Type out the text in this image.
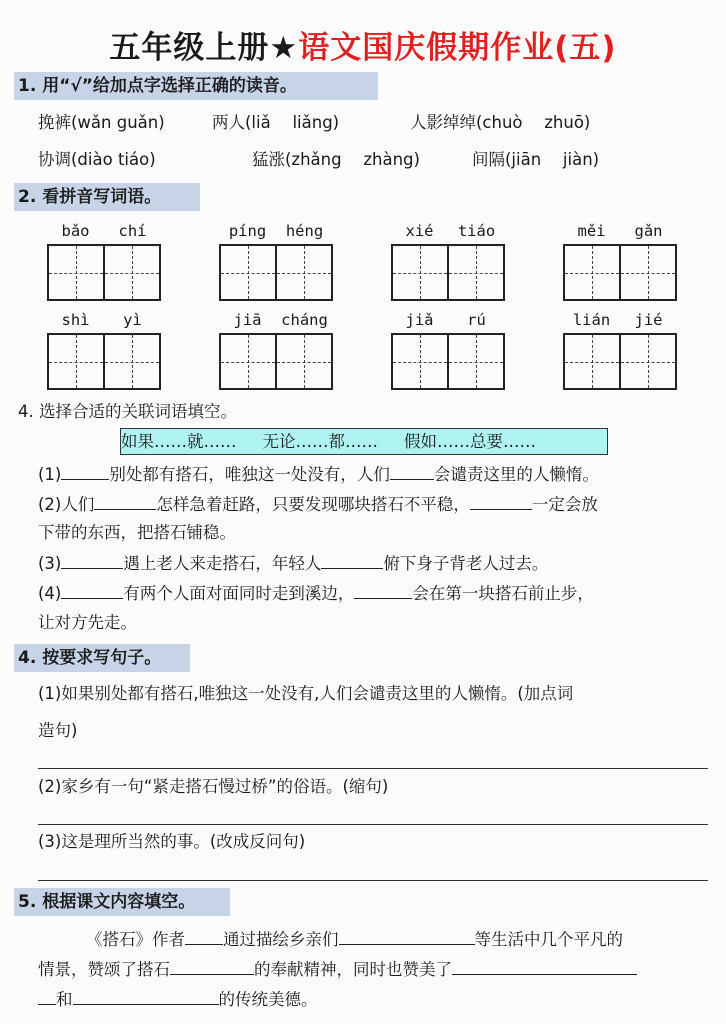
五年级上册★语文国庆假期作业(五)
1. 用“√”给加点字选择正确的读音。
挽裤(wǎn guǎn)	两人(liǎ　 liǎng)	人影绰绰(chuò　 zhuō)
协调(diào tiáo)	猛涨(zhǎng　 zhàng)	间隔(jiān　 jiàn)
2. 看拼音写词语。
bǎo	chí	píng	héng	xié	tiáo	měi	gǎn
shì	yì	jiā	cháng	jiǎ	rú	lián	jié
4. 选择合适的关联词语填空。
如果……就…… 无论……都…… 假如……总要……
(1)	别处都有搭石，唯独这一处没有，人们	会谴责这里的人懒惰。
(2)人们	怎样急着赶路，只要发现哪块搭石不平稳，	一定会放
下带的东西，把搭石铺稳。
(3)	遇上老人来走搭石，年轻人	俯下身子背老人过去。
(4)	有两个人面对面同时走到溪边，	会在第一块搭石前止步，
让对方先走。
4. 按要求写句子。
(1)如果别处都有搭石,唯独这一处没有,人们会谴责这里的人懒惰。(加点词
造句)
(2)家乡有一句“紧走搭石慢过桥”的俗语。(缩句)
(3)这是理所当然的事。(改成反问句)
5. 根据课文内容填空。
《搭石》作者 通过描绘乡亲们	等生活中几个平凡的
情景，赞颂了搭石	的奉献精神，同时也赞美了
和	的传统美德。
